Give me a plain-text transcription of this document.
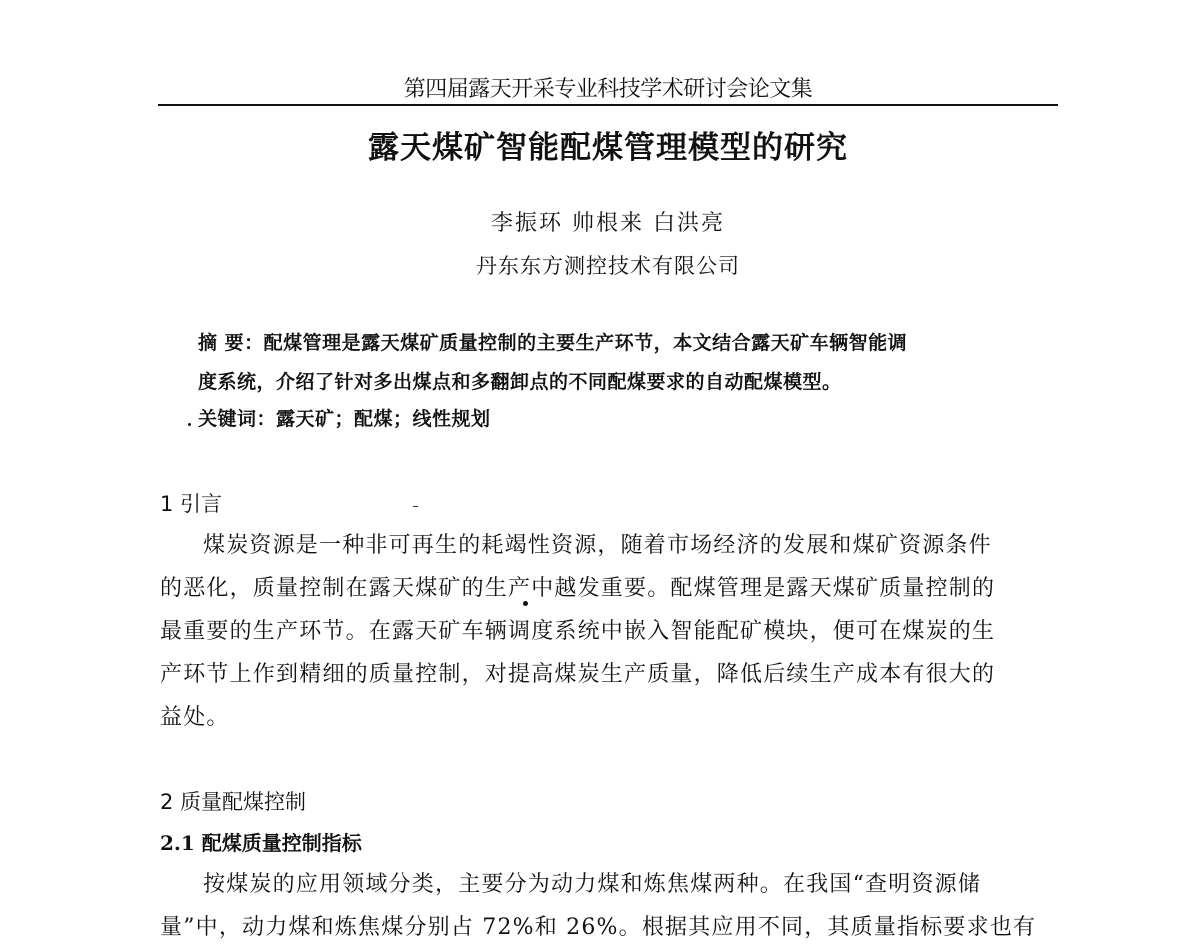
第四届露天开采专业科技学术研讨会论文集
露天煤矿智能配煤管理模型的研究
李振环 帅根来 白洪亮
丹东东方测控技术有限公司
摘 要：配煤管理是露天煤矿质量控制的主要生产环节，本文结合露天矿车辆智能调
度系统，介绍了针对多出煤点和多翻卸点的不同配煤要求的自动配煤模型。
关键词：露天矿；配煤；线性规划
1 引言
煤炭资源是一种非可再生的耗竭性资源，随着市场经济的发展和煤矿资源条件
的恶化，质量控制在露天煤矿的生产中越发重要。配煤管理是露天煤矿质量控制的
最重要的生产环节。在露天矿车辆调度系统中嵌入智能配矿模块，便可在煤炭的生
产环节上作到精细的质量控制，对提高煤炭生产质量，降低后续生产成本有很大的
益处。
2 质量配煤控制
2.1 配煤质量控制指标
按煤炭的应用领域分类，主要分为动力煤和炼焦煤两种。在我国“查明资源储
量”中，动力煤和炼焦煤分别占 72%和 26%。根据其应用不同，其质量指标要求也有
